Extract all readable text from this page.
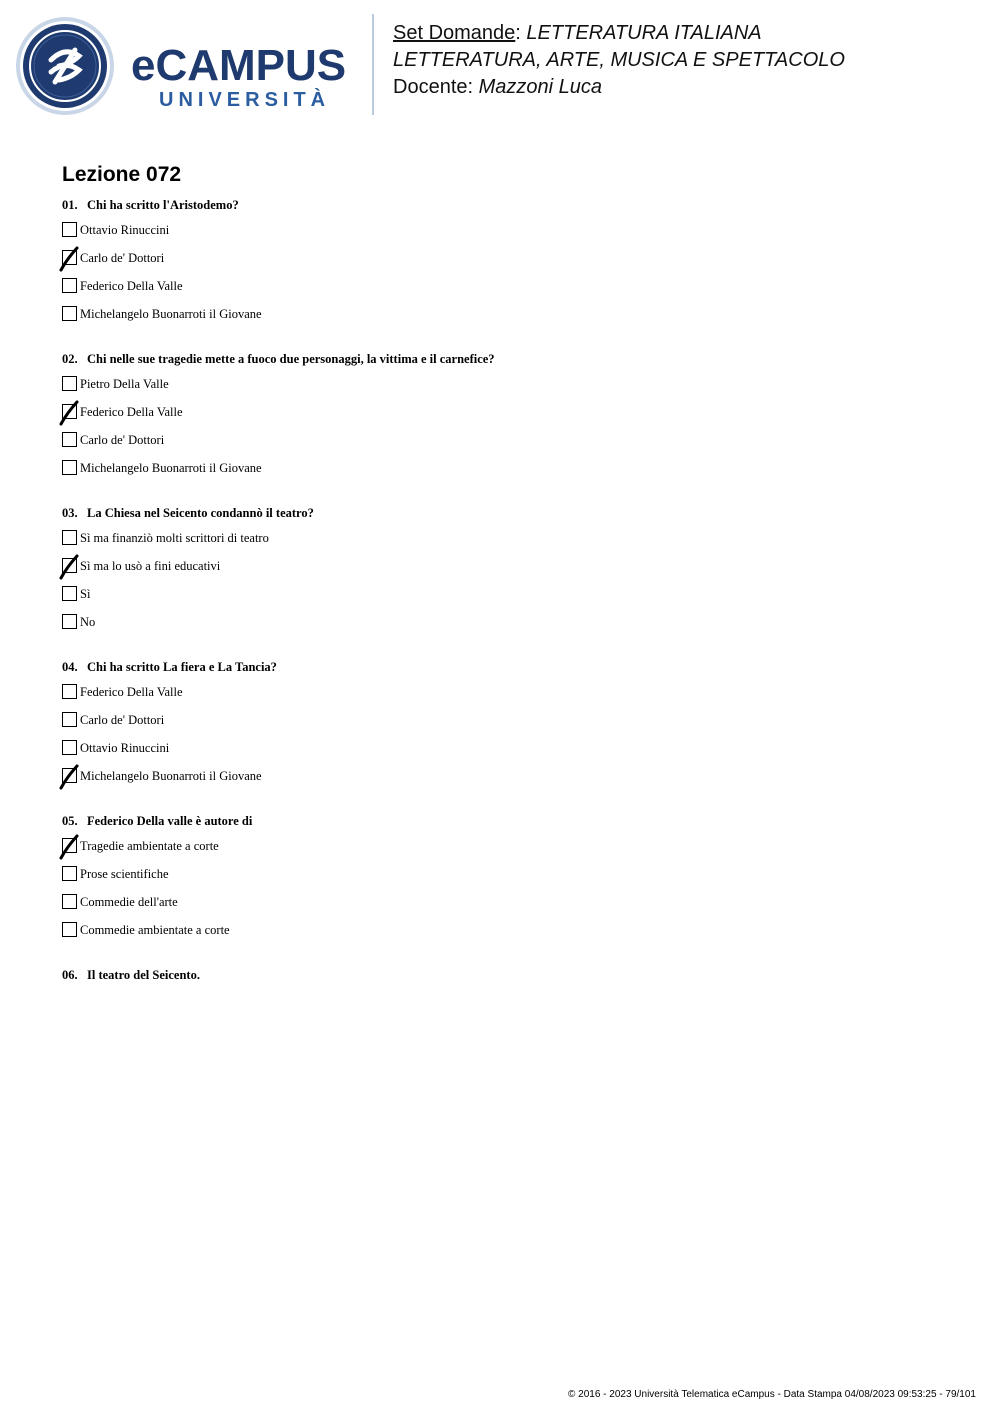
eCAMPUS
UNIVERSITÀ
Set Domande: LETTERATURA ITALIANA
LETTERATURA, ARTE, MUSICA E SPETTACOLO
Docente: Mazzoni Luca
Lezione 072
01. Chi ha scritto l'Aristodemo?
Ottavio Rinuccini
Carlo de' Dottori
Federico Della Valle
Michelangelo Buonarroti il Giovane
02. Chi nelle sue tragedie mette a fuoco due personaggi, la vittima e il carnefice?
Pietro Della Valle
Federico Della Valle
Carlo de' Dottori
Michelangelo Buonarroti il Giovane
03. La Chiesa nel Seicento condannò il teatro?
Sì ma finanziò molti scrittori di teatro
Sì ma lo usò a fini educativi
Sì
No
04. Chi ha scritto La fiera e La Tancia?
Federico Della Valle
Carlo de' Dottori
Ottavio Rinuccini
Michelangelo Buonarroti il Giovane
05. Federico Della valle è autore di
Tragedie ambientate a corte
Prose scientifiche
Commedie dell'arte
Commedie ambientate a corte
06. Il teatro del Seicento.
© 2016 - 2023 Università Telematica eCampus - Data Stampa 04/08/2023 09:53:25 - 79/101
